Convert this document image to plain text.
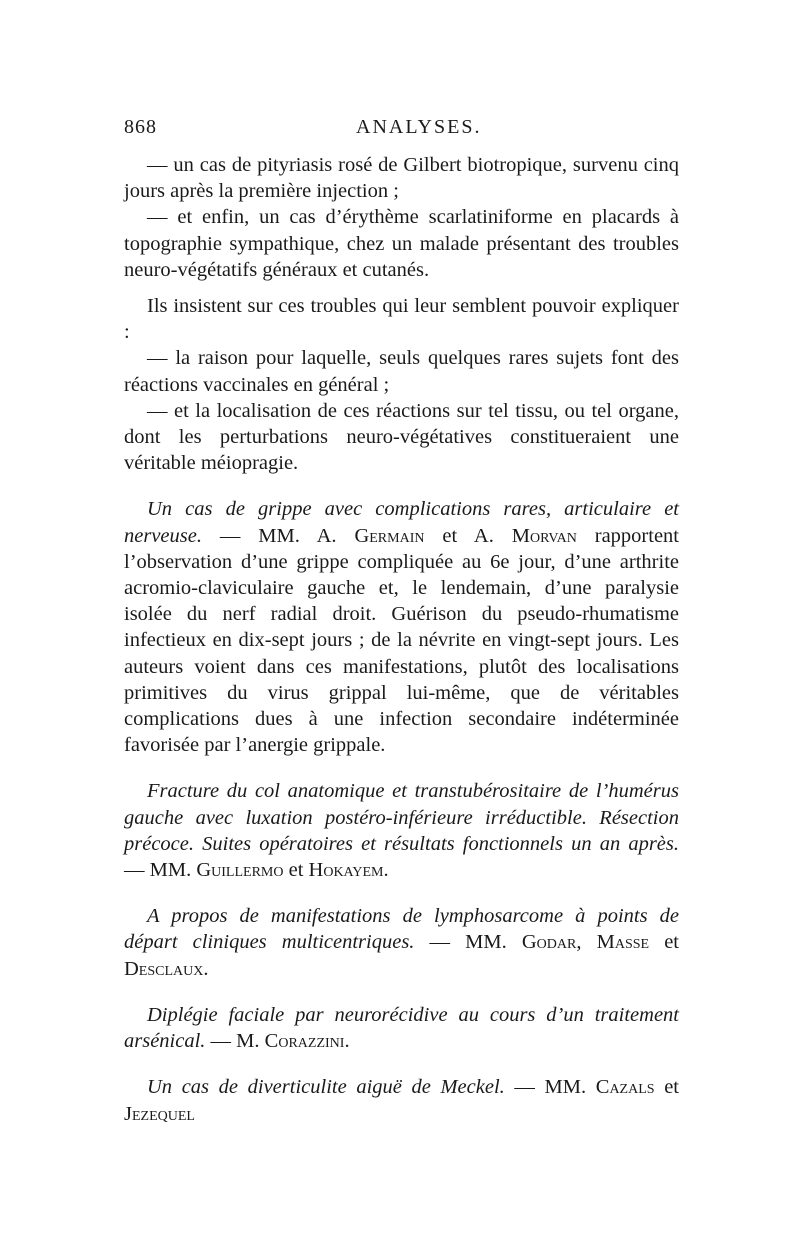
868	ANALYSES.

— un cas de pityriasis rosé de Gilbert biotropique, survenu cinq jours après la première injection ;

— et enfin, un cas d’érythème scarlatiniforme en placards à topographie sympathique, chez un malade présentant des troubles neuro-végétatifs généraux et cutanés.

Ils insistent sur ces troubles qui leur semblent pouvoir expliquer :

— la raison pour laquelle, seuls quelques rares sujets font des réactions vaccinales en général ;

— et la localisation de ces réactions sur tel tissu, ou tel organe, dont les perturbations neuro-végétatives constitueraient une véritable méiopragie.

Un cas de grippe avec complications rares, articulaire et nerveuse. — MM. A. Germain et A. Morvan rapportent l’observation d’une grippe compliquée au 6e jour, d’une arthrite acromio-claviculaire gauche et, le lendemain, d’une paralysie isolée du nerf radial droit. Guérison du pseudo-rhumatisme infectieux en dix-sept jours ; de la névrite en vingt-sept jours. Les auteurs voient dans ces manifestations, plutôt des localisations primitives du virus grippal lui-même, que de véritables complications dues à une infection secondaire indéterminée favorisée par l’anergie grippale.

Fracture du col anatomique et transtubérositaire de l’humérus gauche avec luxation postéro-inférieure irréductible. Résection précoce. Suites opératoires et résultats fonctionnels un an après. — MM. Guillermo et Hokayem.

A propos de manifestations de lymphosarcome à points de départ cliniques multicentriques. — MM. Godar, Masse et Desclaux.

Diplégie faciale par neurorécidive au cours d’un traitement arsénical. — M. Corazzini.

Un cas de diverticulite aiguë de Meckel. — MM. Cazals et Jezequel
